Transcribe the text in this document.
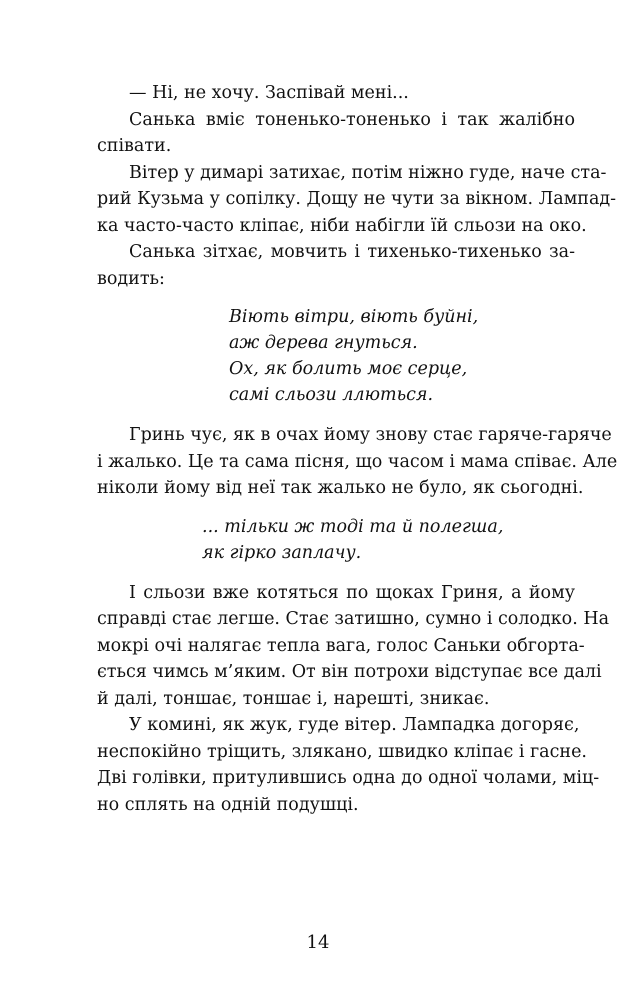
— Ні, не хочу. Заспівай мені...
Санька вміє тоненько-тоненько і так жалібно
співати.
Вітер у димарі затихає, потім ніжно гуде, наче ста-
рий Кузьма у сопілку. Дощу не чути за вікном. Лампад-
ка часто-часто кліпає, ніби набігли їй сльози на око.
Санька зітхає, мовчить і тихенько-тихенько за-
водить:
Віють вітри, віють буйні,
аж дерева гнуться.
Ох, як болить моє серце,
самі сльози ллються.
Гринь чує, як в очах йому знову стає гаряче-гаряче
і жалько. Це та сама пісня, що часом і мама співає. Але
ніколи йому від неї так жалько не було, як сьогодні.
... тільки ж тоді та й полегша,
як гірко заплачу.
І сльози вже котяться по щоках Гриня, а йому
справді стає легше. Стає затишно, сумно і солодко. На
мокрі очі налягає тепла вага, голос Саньки обгорта-
ється чимсь м’яким. От він потрохи відступає все далі
й далі, тоншає, тоншає і, нарешті, зникає.
У комині, як жук, гуде вітер. Лампадка догоряє,
неспокійно тріщить, злякано, швидко кліпає і гасне.
Дві голівки, притулившись одна до одної чолами, міц-
но сплять на одній подушці.
14
